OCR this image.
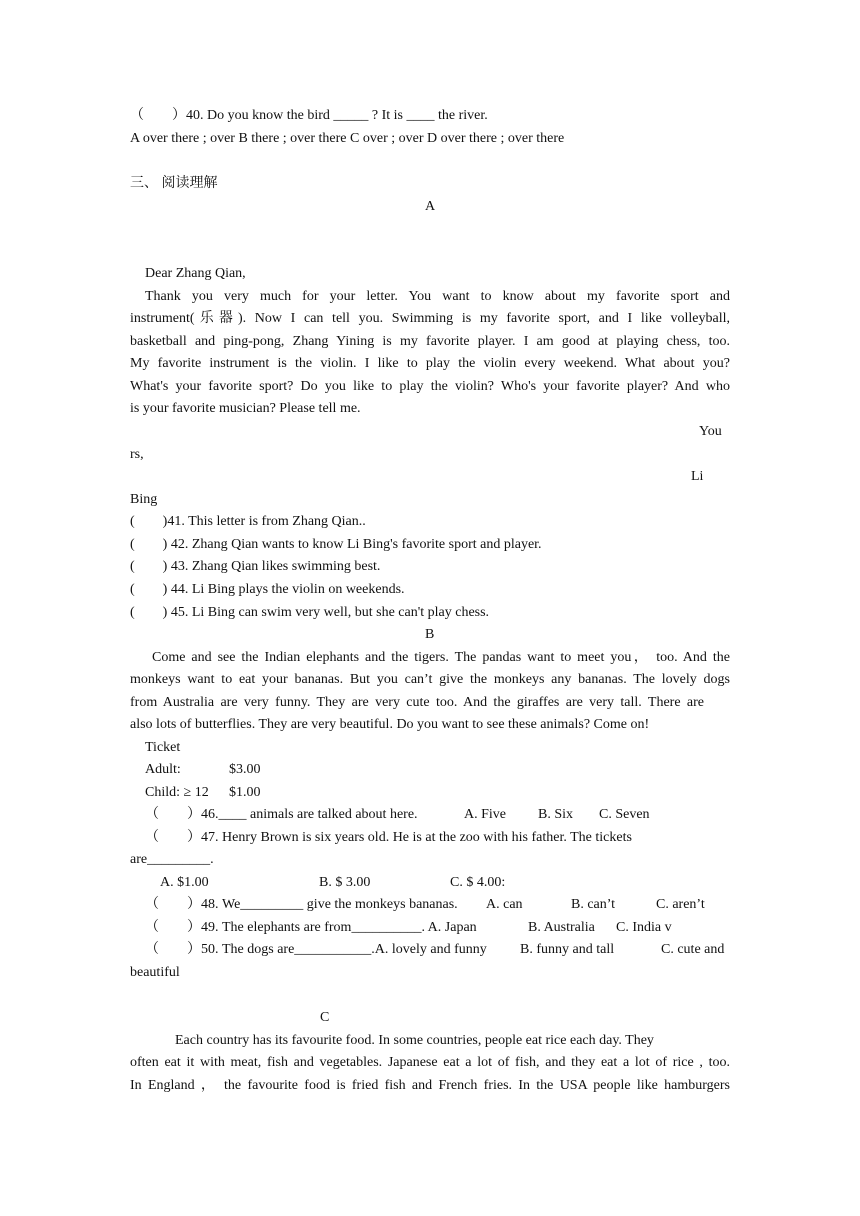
（　　）40. Do you know the bird _____ ? It is ____ the river.
A over there ; over B there ; over there C over ; over D over there ; over there
三、 阅读理解
A
Dear Zhang Qian,
Thank you very much for your letter. You want to know about my favorite sport and
instrument(乐器). Now I can tell you. Swimming is my favorite sport, and I like volleyball,
basketball and ping-pong, Zhang Yining is my favorite player. I am good at playing chess, too.
My favorite instrument is the violin. I like to play the violin every weekend. What about you?
What's your favorite sport? Do you like to play the violin? Who's your favorite player? And who
is your favorite musician? Please tell me.
You
rs,
Li
Bing
(　　)41. This letter is from Zhang Qian..
(　　) 42. Zhang Qian wants to know Li Bing's favorite sport and player.
(　　) 43. Zhang Qian likes swimming best.
(　　) 44. Li Bing plays the violin on weekends.
(　　) 45. Li Bing can swim very well, but she can't play chess.
B
Come and see the Indian elephants and the tigers. The pandas want to meet you， too. And the
monkeys want to eat your bananas. But you can’t give the monkeys any bananas. The lovely dogs
from Australia are very funny. They are very cute too. And the giraffes are very tall. There are
also lots of butterflies. They are very beautiful. Do you want to see these animals? Come on!
Ticket
Adult:	$3.00
Child: ≥ 12 $1.00
（　　）46.____ animals are talked about here.	A. Five B. Six C. Seven
（　　）47. Henry Brown is six years old. He is at the zoo with his father. The tickets
are_________.
A. $1.00	B. $ 3.00	C. $ 4.00:
（　　）48. We_________ give the monkeys bananas. A. can	B. can’t	C. aren’t
（　　）49. The elephants are from__________. A. Japan	B. Australia C. India v
（　　）50. The dogs are___________.A. lovely and funny B. funny and tall	C. cute and
beautiful
C
Each country has its favourite food. In some countries, people eat rice each day. They
often eat it with meat, fish and vegetables. Japanese eat a lot of fish, and they eat a lot of rice , too.
In England ， the favourite food is fried fish and French fries. In the USA people like hamburgers
